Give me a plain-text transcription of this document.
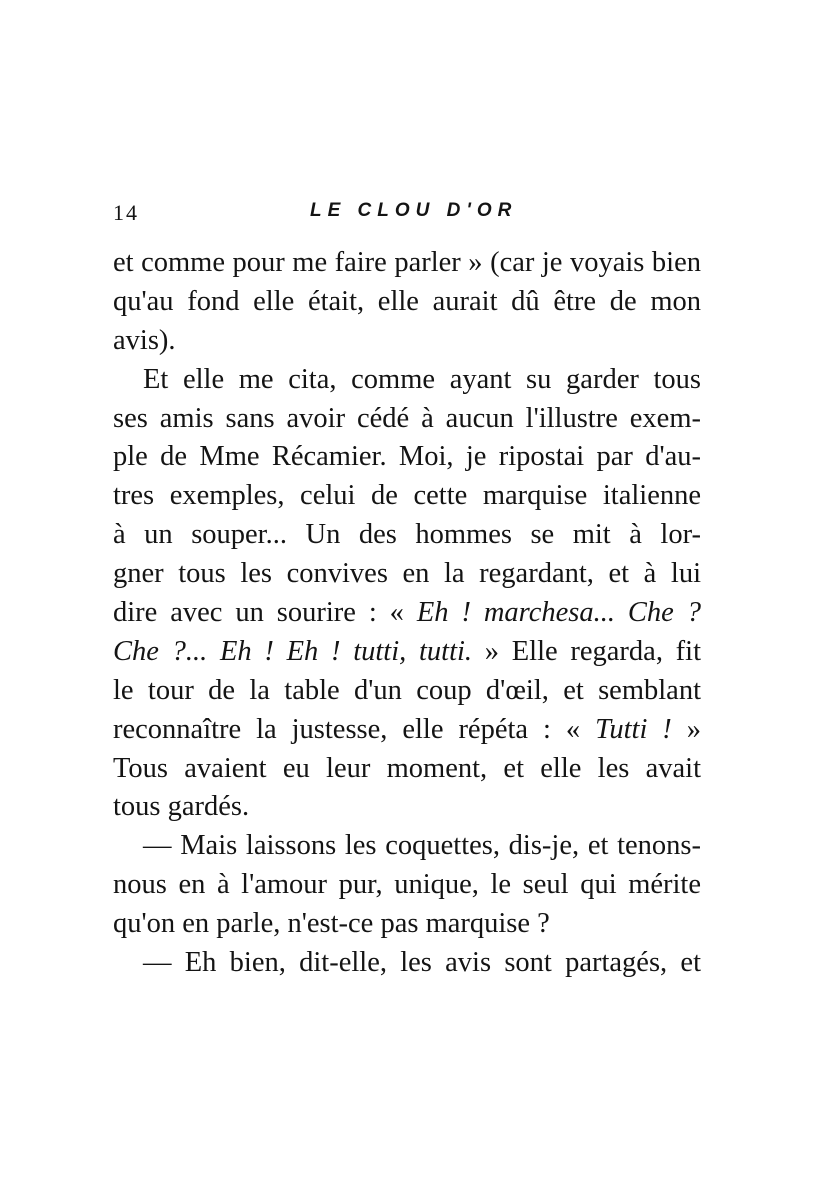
14	LE CLOU D'OR
et comme pour me faire parler » (car je voyais bien
qu'au fond elle était, elle aurait dû être de mon
avis).
Et elle me cita, comme ayant su garder tous
ses amis sans avoir cédé à aucun l'illustre exem-
ple de Mme Récamier. Moi, je ripostai par d'au-
tres exemples, celui de cette marquise italienne
à un souper... Un des hommes se mit à lor-
gner tous les convives en la regardant, et à lui
dire avec un sourire : « Eh ! marchesa... Che ?
Che ?... Eh ! Eh ! tutti, tutti. » Elle regarda, fit
le tour de la table d'un coup d'œil, et semblant
reconnaître la justesse, elle répéta : « Tutti ! »
Tous avaient eu leur moment, et elle les avait
tous gardés.
— Mais laissons les coquettes, dis-je, et tenons-
nous en à l'amour pur, unique, le seul qui mérite
qu'on en parle, n'est-ce pas marquise ?
— Eh bien, dit-elle, les avis sont partagés, et
